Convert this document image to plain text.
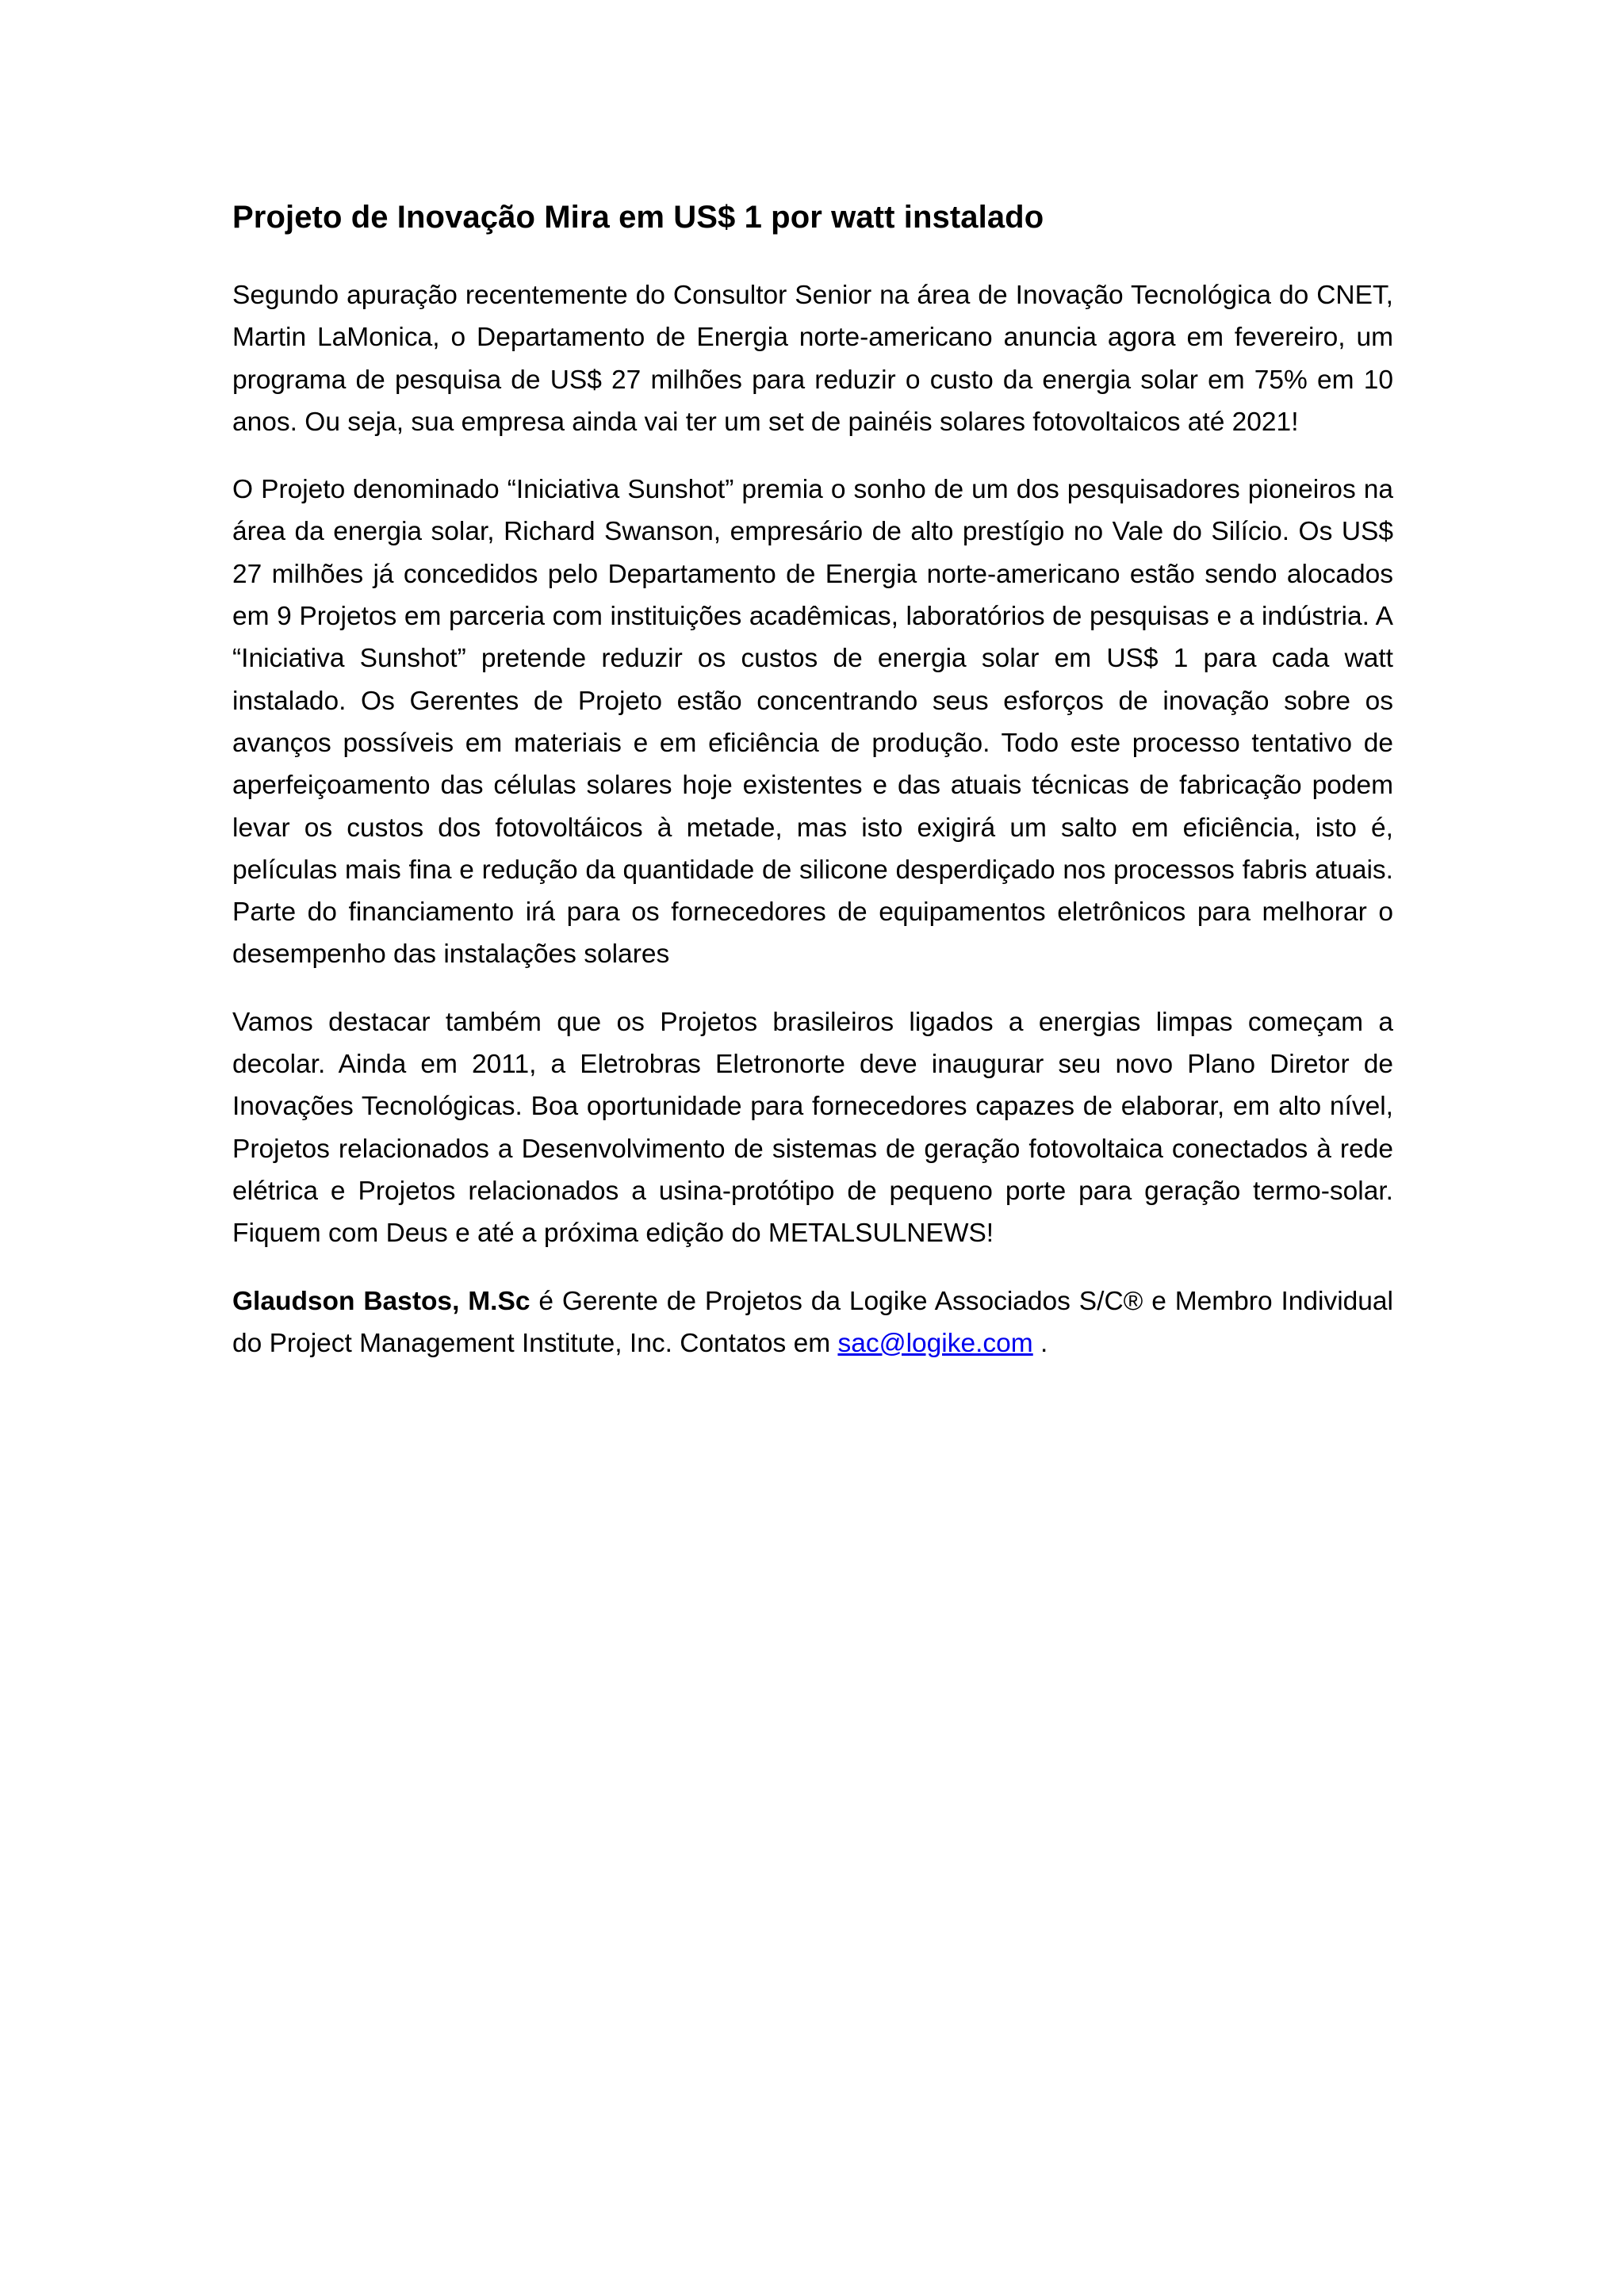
Projeto de Inovação Mira em US$ 1 por watt instalado

Segundo apuração recentemente do Consultor Senior na área de Inovação Tecnológica do CNET, Martin LaMonica, o Departamento de Energia norte-americano anuncia agora em fevereiro, um programa de pesquisa de US$ 27 milhões para reduzir o custo da energia solar em 75% em 10 anos. Ou seja, sua empresa ainda vai ter um set de painéis solares fotovoltaicos até 2021!

O Projeto denominado “Iniciativa Sunshot” premia o sonho de um dos pesquisadores pioneiros na área da energia solar, Richard Swanson, empresário de alto prestígio no Vale do Silício. Os US$ 27 milhões já concedidos pelo Departamento de Energia norte-americano estão sendo alocados em 9 Projetos em parceria com instituições acadêmicas, laboratórios de pesquisas e a indústria. A “Iniciativa Sunshot” pretende reduzir os custos de energia solar em US$ 1 para cada watt instalado. Os Gerentes de Projeto estão concentrando seus esforços de inovação sobre os avanços possíveis em materiais e em eficiência de produção. Todo este processo tentativo de aperfeiçoamento das células solares hoje existentes e das atuais técnicas de fabricação podem levar os custos dos fotovoltáicos à metade, mas isto exigirá um salto em eficiência, isto é, películas mais fina e redução da quantidade de silicone desperdiçado nos processos fabris atuais. Parte do financiamento irá para os fornecedores de equipamentos eletrônicos para melhorar o desempenho das instalações solares

Vamos destacar também que os Projetos brasileiros ligados a energias limpas começam a decolar. Ainda em 2011, a Eletrobras Eletronorte deve inaugurar seu novo Plano Diretor de Inovações Tecnológicas. Boa oportunidade para fornecedores capazes de elaborar, em alto nível, Projetos relacionados a Desenvolvimento de sistemas de geração fotovoltaica conectados à rede elétrica e Projetos relacionados a usina-protótipo de pequeno porte para geração termo-solar. Fiquem com Deus e até a próxima edição do METALSULNEWS!

Glaudson Bastos, M.Sc é Gerente de Projetos da Logike Associados S/C® e Membro Individual do Project Management Institute, Inc. Contatos em sac@logike.com .
